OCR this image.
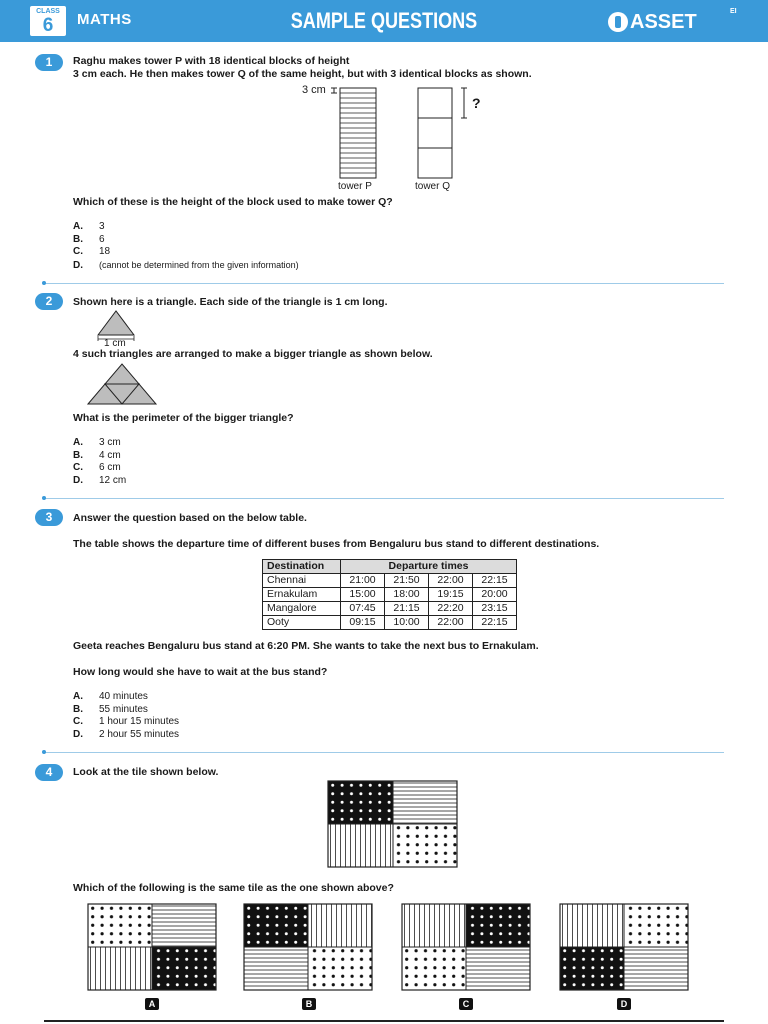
CLASS
6	MATHS	SAMPLE QUESTIONS	ASSET	EI
1	Raghu makes tower P with 18 identical blocks of height
3 cm each. He then makes tower Q of the same height, but with 3 identical blocks as shown.
3 cm
?
tower P	tower Q
Which of these is the height of the block used to make tower Q?
A. 3
B. 6
C. 18
D. (cannot be determined from the given information)
2	Shown here is a triangle. Each side of the triangle is 1 cm long.
1 cm
4 such triangles are arranged to make a bigger triangle as shown below.
What is the perimeter of the bigger triangle?
A. 3 cm
B. 4 cm
C. 6 cm
D. 12 cm
3	Answer the question based on the below table.
The table shows the departure time of different buses from Bengaluru bus stand to different destinations.
Destination	Departure times			
Chennai	21:00	21:50	22:00	22:15
Ernakulam	15:00	18:00	19:15	20:00
Mangalore	07:45	21:15	22:20	23:15
Ooty	09:15	10:00	22:00	22:15
Geeta reaches Bengaluru bus stand at 6:20 PM. She wants to take the next bus to Ernakulam.
How long would she have to wait at the bus stand?
A. 40 minutes
B. 55 minutes
C. 1 hour 15 minutes
D. 2 hour 55 minutes
4	Look at the tile shown below.
Which of the following is the same tile as the one shown above?
A	B	C	D
